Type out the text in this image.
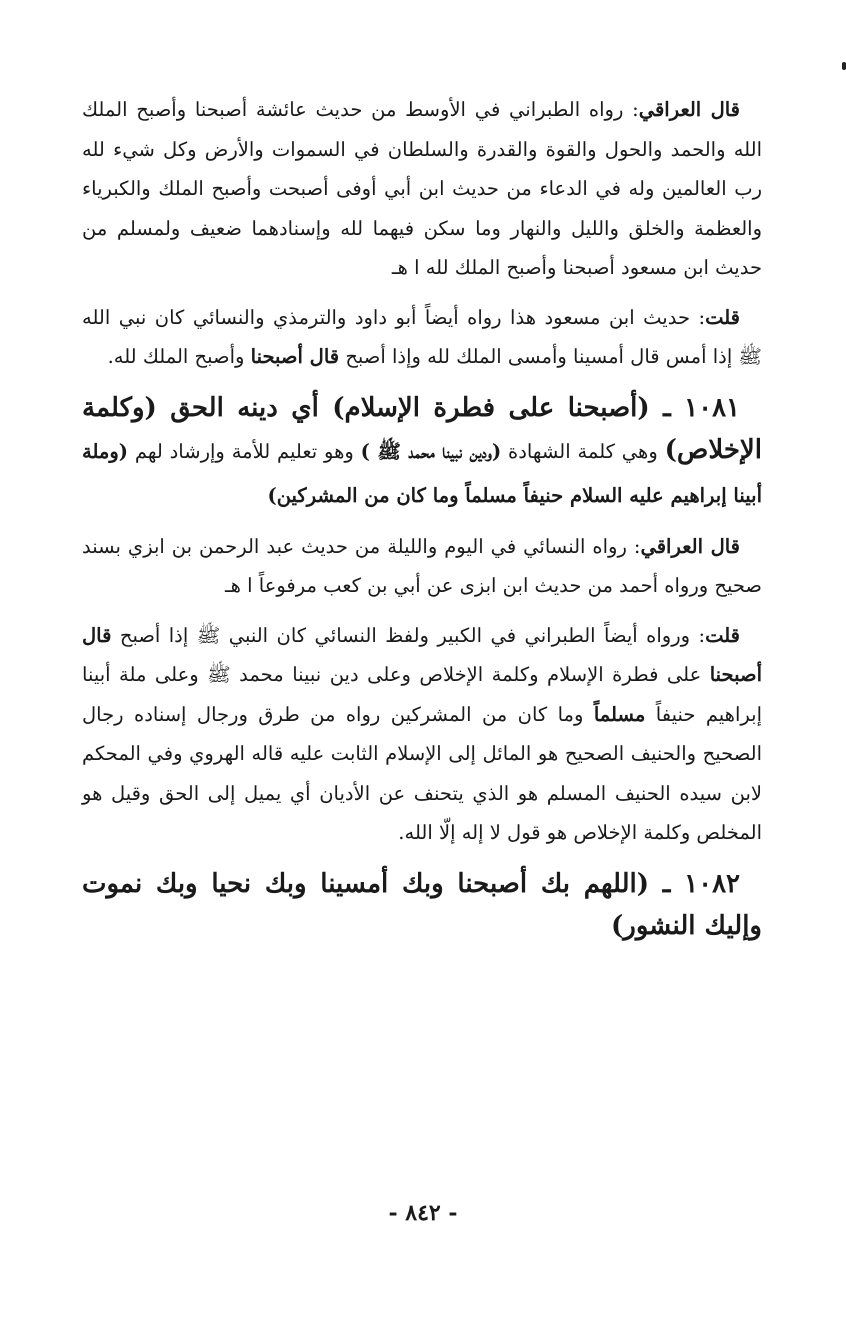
قال العراقي: رواه الطبراني في الأوسط من حديث عائشة أصبحنا وأصبح الملك الله والحمد والحول والقوة والقدرة والسلطان في السموات والأرض وكل شيء لله رب العالمين وله في الدعاء من حديث ابن أبي أوفى أصبحت وأصبح الملك والكبرياء والعظمة والخلق والليل والنهار وما سكن فيهما لله وإسنادهما ضعيف ولمسلم من حديث ابن مسعود أصبحنا وأصبح الملك لله ا هـ

قلت: حديث ابن مسعود هذا رواه أيضاً أبو داود والترمذي والنسائي كان نبي الله ﷺ إذا أمس قال أمسينا وأمسى الملك لله وإذا أصبح قال أصبحنا وأصبح الملك لله.

١٠٨١ ـ (أصبحنا على فطرة الإسلام) أي دينه الحق (وكلمة الإخلاص) وهي كلمة الشهادة (ودين نبينا محمد ﷺ ) وهو تعليم للأمة وإرشاد لهم (وملة أبينا إبراهيم عليه السلام حنيفاً مسلماً وما كان من المشركين)

قال العراقي: رواه النسائي في اليوم والليلة من حديث عبد الرحمن بن ابزي بسند صحيح ورواه أحمد من حديث ابن ابزى عن أبي بن كعب مرفوعاً ا هـ

قلت: ورواه أيضاً الطبراني في الكبير ولفظ النسائي كان النبي ﷺ إذا أصبح قال أصبحنا على فطرة الإسلام وكلمة الإخلاص وعلى دين نبينا محمد ﷺ وعلى ملة أبينا إبراهيم حنيفاً مسلماً وما كان من المشركين رواه من طرق ورجال إسناده رجال الصحيح والحنيف الصحيح هو المائل إلى الإسلام الثابت عليه قاله الهروي وفي المحكم لابن سيده الحنيف المسلم هو الذي يتحنف عن الأديان أي يميل إلى الحق وقيل هو المخلص وكلمة الإخلاص هو قول لا إله إلّا الله.

١٠٨٢ ـ (اللهم بك أصبحنا وبك أمسينا وبك نحيا وبك نموت وإليك النشور)

- ٨٤٢ -
